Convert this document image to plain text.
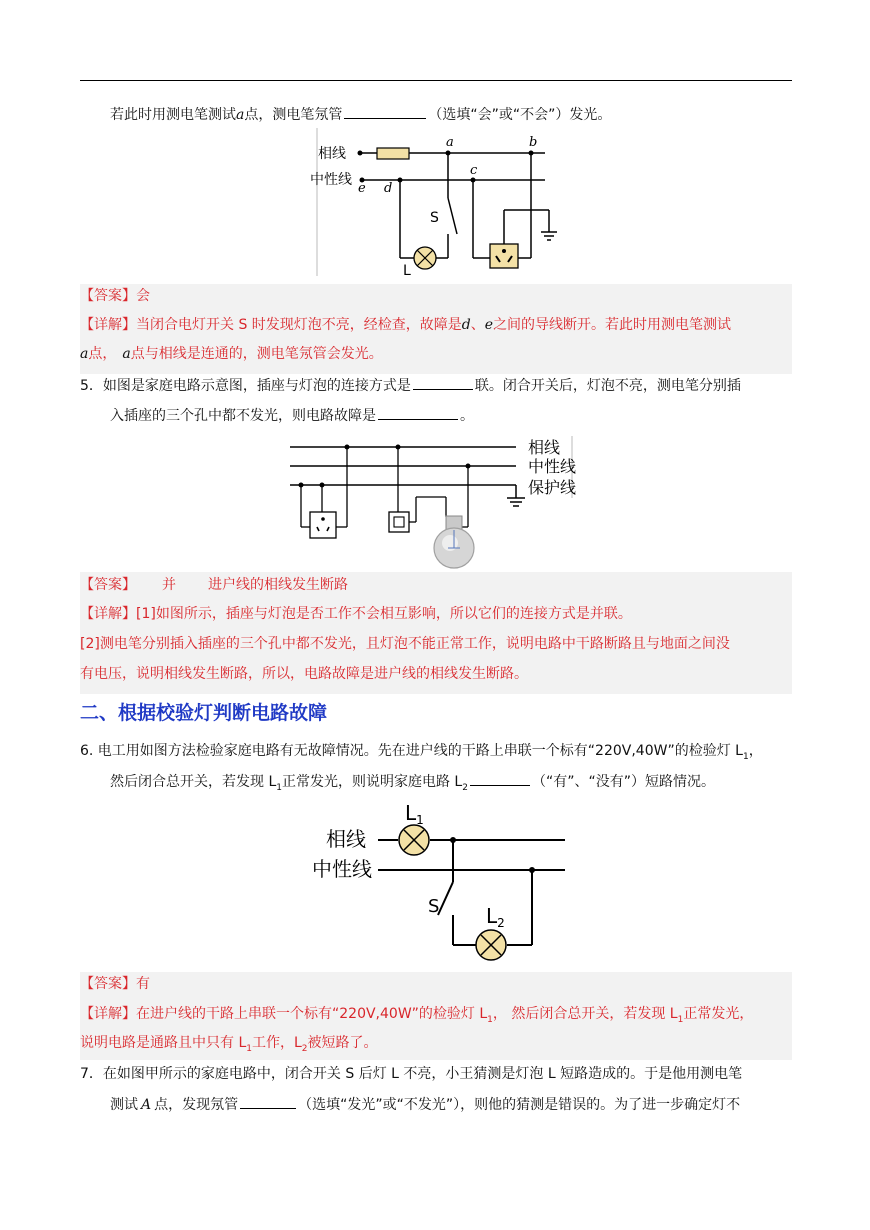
若此时用测电笔测试a点，测电笔氖管	（选填“会”或“不会”）发光。
相线
中性线
a	b
c
d
e
S
L
【答案】会
【详解】当闭合电灯开关 S 时发现灯泡不亮，经检查，故障是d、e之间的导线断开。若此时用测电笔测试
a点， a点与相线是连通的，测电笔氖管会发光。
5．如图是家庭电路示意图，插座与灯泡的连接方式是	联。闭合开关后，灯泡不亮，测电笔分别插
入插座的三个孔中都不发光，则电路故障是	。
相线
中性线
保护线
【答案】 并 进户线的相线发生断路
【详解】[1]如图所示，插座与灯泡是否工作不会相互影响，所以它们的连接方式是并联。
[2]测电笔分别插入插座的三个孔中都不发光，且灯泡不能正常工作，说明电路中干路断路且与地面之间没
有电压，说明相线发生断路，所以，电路故障是进户线的相线发生断路。
二、根据校验灯判断电路故障
6. 电工用如图方法检验家庭电路有无故障情况。先在进户线的干路上串联一个标有“220V,40W”的检验灯 $L_1$，
然后闭合总开关，若发现 $L_1$正常发光，则说明家庭电路 $L_2$	（“有”、“没有”）短路情况。
相线
中性线
$L_1$
S $L_2$
【答案】有
【详解】在进户线的干路上串联一个标有“220V,40W”的检验灯 $L_1$， 然后闭合总开关，若发现 $L_1$正常发光，
说明电路是通路且中只有 $L_1$工作，$L_2$被短路了。
7．在如图甲所示的家庭电路中，闭合开关 S 后灯 L 不亮，小王猜测是灯泡 L 短路造成的。于是他用测电笔
测试 A 点，发现氖管	（选填“发光”或“不发光”），则他的猜测是错误的。为了进一步确定灯不
